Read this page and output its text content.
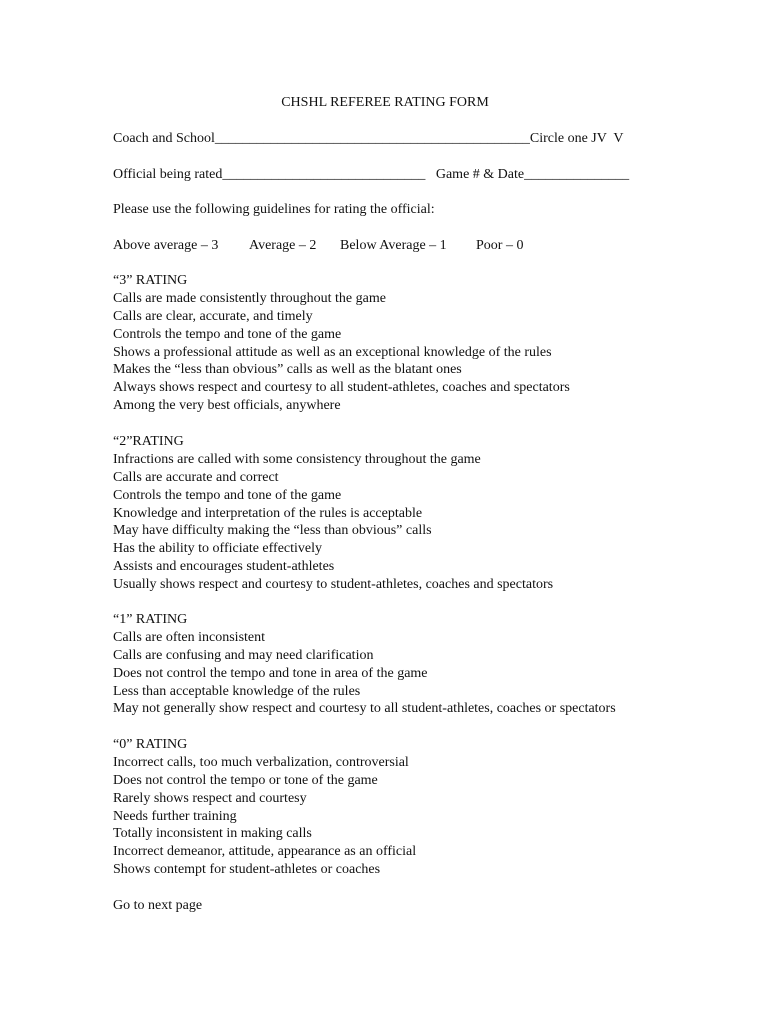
CHSHL REFEREE RATING FORM
Coach and School_____________________________________________Circle one JV  V
Official being rated_____________________________   Game # & Date_______________
Please use the following guidelines for rating the official:
Above average – 3 Average – 2 Below Average – 1 Poor – 0
“3” RATING
Calls are made consistently throughout the game
Calls are clear, accurate, and timely
Controls the tempo and tone of the game
Shows a professional attitude as well as an exceptional knowledge of the rules
Makes the “less than obvious” calls as well as the blatant ones
Always shows respect and courtesy to all student-athletes, coaches and spectators
Among the very best officials, anywhere
“2”RATING
Infractions are called with some consistency throughout the game
Calls are accurate and correct
Controls the tempo and tone of the game
Knowledge and interpretation of the rules is acceptable
May have difficulty making the “less than obvious” calls
Has the ability to officiate effectively
Assists and encourages student-athletes
Usually shows respect and courtesy to student-athletes, coaches and spectators
“1” RATING
Calls are often inconsistent
Calls are confusing and may need clarification
Does not control the tempo and tone in area of the game
Less than acceptable knowledge of the rules
May not generally show respect and courtesy to all student-athletes, coaches or spectators
“0” RATING
Incorrect calls, too much verbalization, controversial
Does not control the tempo or tone of the game
Rarely shows respect and courtesy
Needs further training
Totally inconsistent in making calls
Incorrect demeanor, attitude, appearance as an official
Shows contempt for student-athletes or coaches
Go to next page
